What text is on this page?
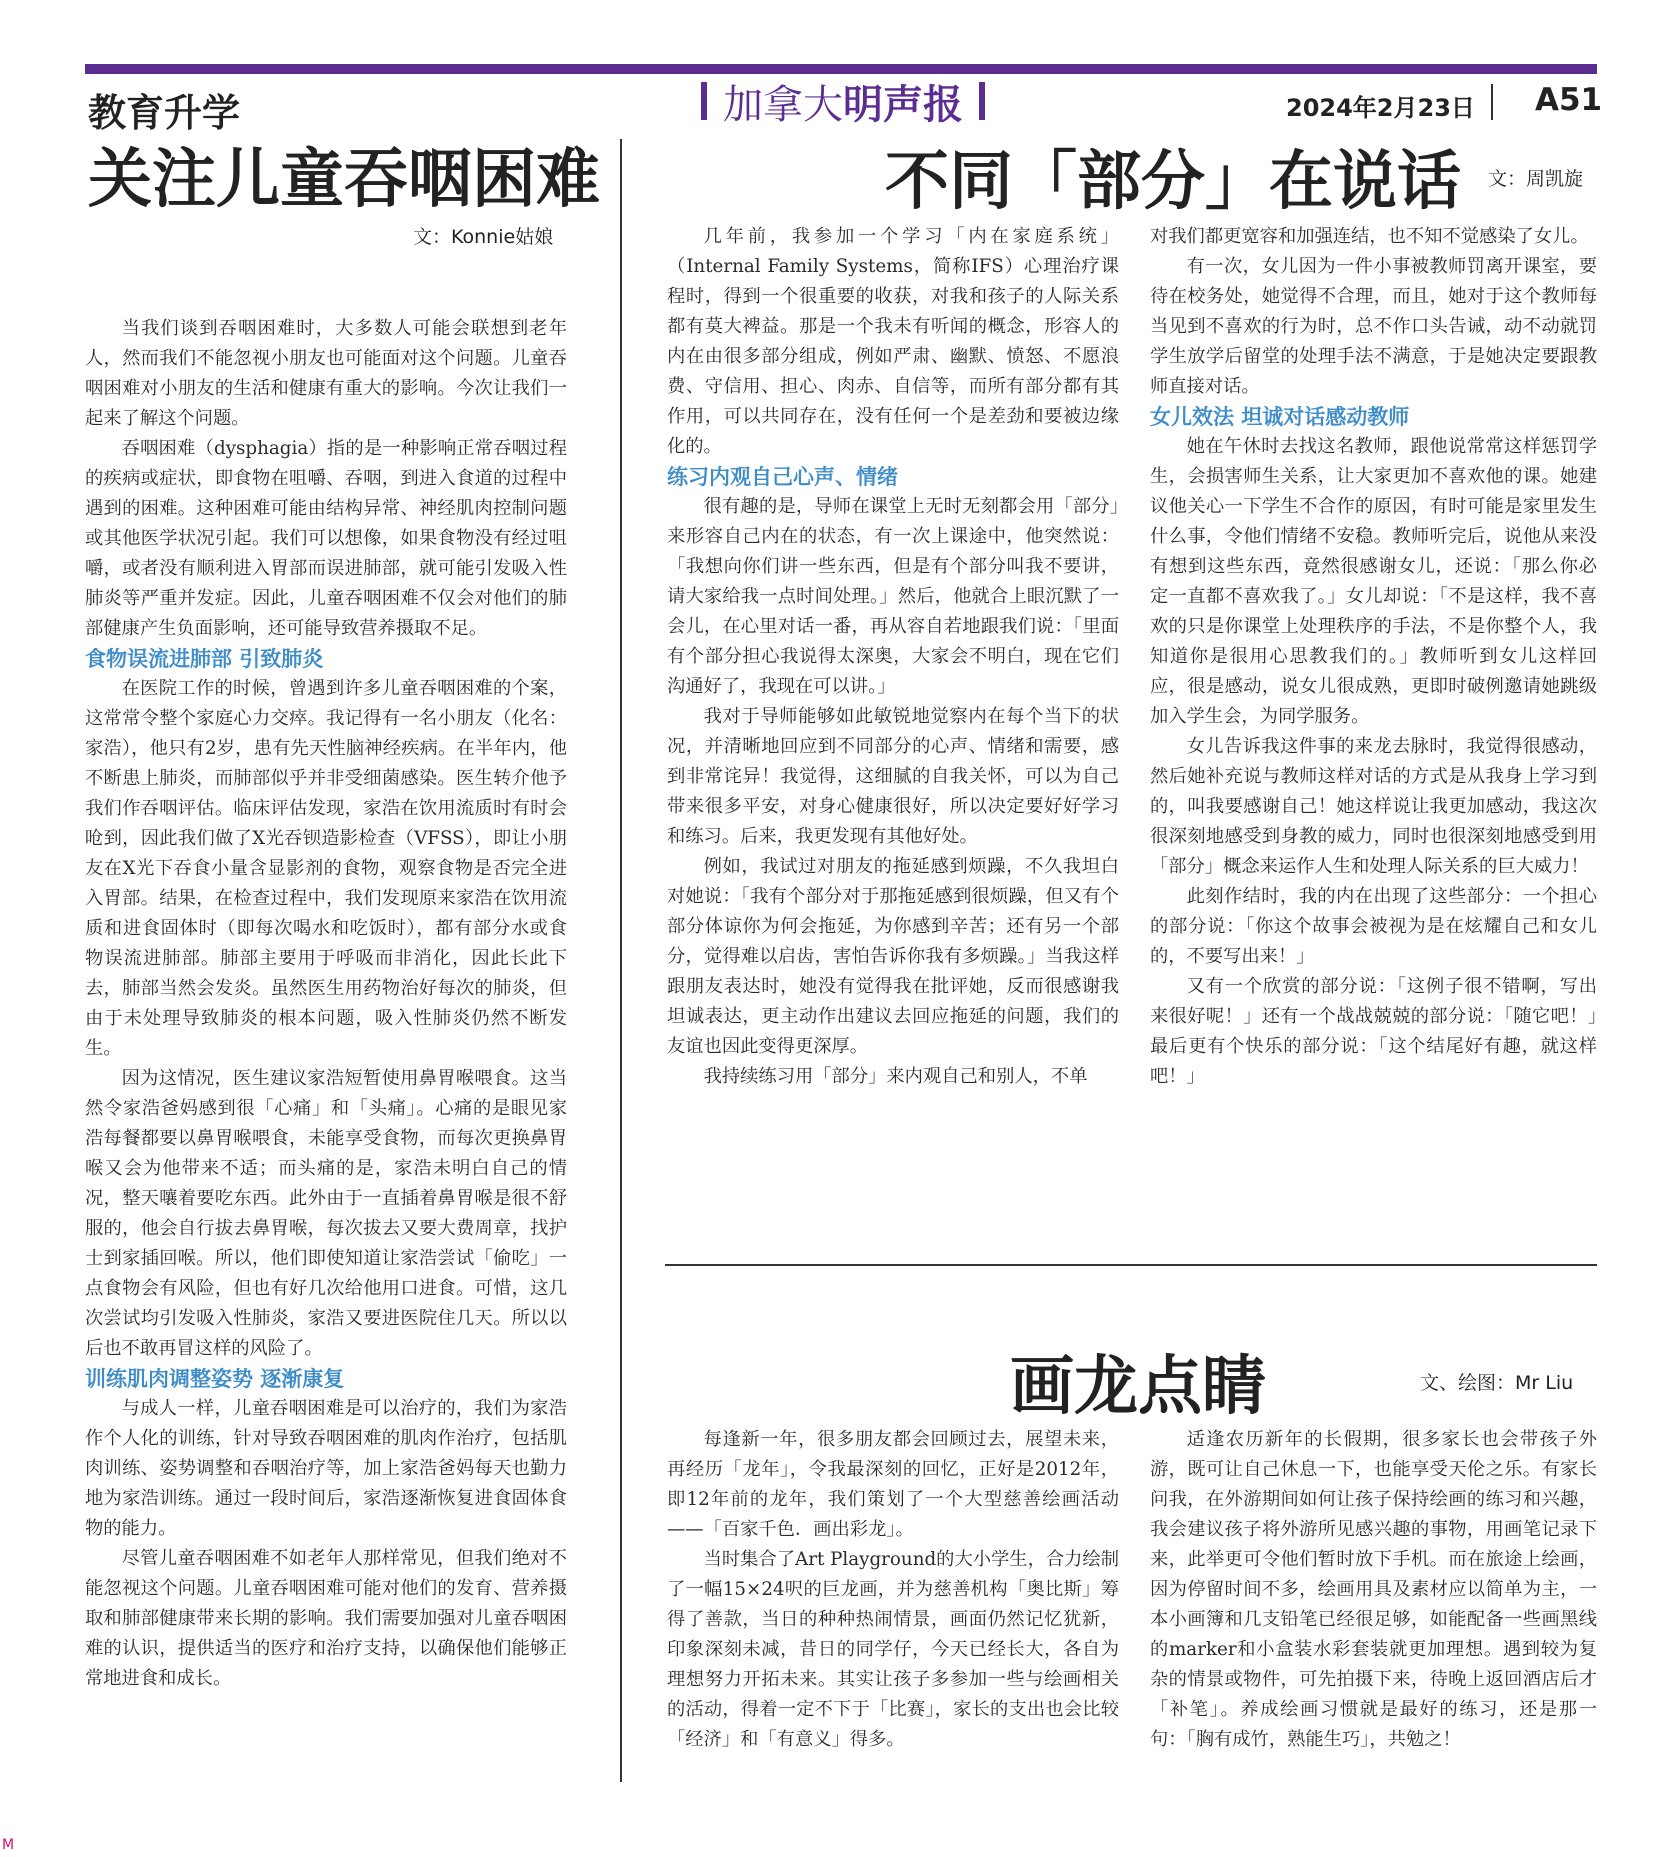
教育升学	加拿大明声报	2024年2月23日 A51
关注儿童吞咽困难
文：Konnie姑娘

当我们谈到吞咽困难时，大多数人可能会联想到老年人，然而我们不能忽视小朋友也可能面对这个问题。儿童吞咽困难对小朋友的生活和健康有重大的影响。今次让我们一起来了解这个问题。

吞咽困难（dysphagia）指的是一种影响正常吞咽过程的疾病或症状，即食物在咀嚼、吞咽，到进入食道的过程中遇到的困难。这种困难可能由结构异常、神经肌肉控制问题或其他医学状况引起。我们可以想像，如果食物没有经过咀嚼，或者没有顺利进入胃部而误进肺部，就可能引发吸入性肺炎等严重并发症。因此，儿童吞咽困难不仅会对他们的肺部健康产生负面影响，还可能导致营养摄取不足。

食物误流进肺部 引致肺炎

在医院工作的时候，曾遇到许多儿童吞咽困难的个案，这常常令整个家庭心力交瘁。我记得有一名小朋友（化名：家浩），他只有2岁，患有先天性脑神经疾病。在半年内，他不断患上肺炎，而肺部似乎并非受细菌感染。医生转介他予我们作吞咽评估。临床评估发现，家浩在饮用流质时有时会呛到，因此我们做了X光吞钡造影检查（VFSS），即让小朋友在X光下吞食小量含显影剂的食物，观察食物是否完全进入胃部。结果，在检查过程中，我们发现原来家浩在饮用流质和进食固体时（即每次喝水和吃饭时），都有部分水或食物误流进肺部。肺部主要用于呼吸而非消化，因此长此下去，肺部当然会发炎。虽然医生用药物治好每次的肺炎，但由于未处理导致肺炎的根本问题，吸入性肺炎仍然不断发生。

因为这情况，医生建议家浩短暂使用鼻胃喉喂食。这当然令家浩爸妈感到很「心痛」和「头痛」。心痛的是眼见家浩每餐都要以鼻胃喉喂食，未能享受食物，而每次更换鼻胃喉又会为他带来不适；而头痛的是，家浩未明白自己的情况，整天嚷着要吃东西。此外由于一直插着鼻胃喉是很不舒服的，他会自行拔去鼻胃喉，每次拔去又要大费周章，找护士到家插回喉。所以，他们即使知道让家浩尝试「偷吃」一点食物会有风险，但也有好几次给他用口进食。可惜，这几次尝试均引发吸入性肺炎，家浩又要进医院住几天。所以以后也不敢再冒这样的风险了。

训练肌肉调整姿势 逐渐康复

与成人一样，儿童吞咽困难是可以治疗的，我们为家浩作个人化的训练，针对导致吞咽困难的肌肉作治疗，包括肌肉训练、姿势调整和吞咽治疗等，加上家浩爸妈每天也勤力地为家浩训练。通过一段时间后，家浩逐渐恢复进食固体食物的能力。

尽管儿童吞咽困难不如老年人那样常见，但我们绝对不能忽视这个问题。儿童吞咽困难可能对他们的发育、营养摄取和肺部健康带来长期的影响。我们需要加强对儿童吞咽困难的认识，提供适当的医疗和治疗支持，以确保他们能够正常地进食和成长。

不同「部分」在说话 文：周凯旋

几年前，我参加一个学习「内在家庭系统」（Internal Family Systems，简称IFS）心理治疗课程时，得到一个很重要的收获，对我和孩子的人际关系都有莫大裨益。那是一个我未有听闻的概念，形容人的内在由很多部分组成，例如严肃、幽默、愤怒、不愿浪费、守信用、担心、肉赤、自信等，而所有部分都有其作用，可以共同存在，没有任何一个是差劲和要被边缘化的。

练习内观自己心声、情绪

很有趣的是，导师在课堂上无时无刻都会用「部分」来形容自己内在的状态，有一次上课途中，他突然说：「我想向你们讲一些东西，但是有个部分叫我不要讲，请大家给我一点时间处理。」然后，他就合上眼沉默了一会儿，在心里对话一番，再从容自若地跟我们说：「里面有个部分担心我说得太深奥，大家会不明白，现在它们沟通好了，我现在可以讲。」

我对于导师能够如此敏锐地觉察内在每个当下的状况，并清晰地回应到不同部分的心声、情绪和需要，感到非常诧异！我觉得，这细腻的自我关怀，可以为自己带来很多平安，对身心健康很好，所以决定要好好学习和练习。后来，我更发现有其他好处。

例如，我试过对朋友的拖延感到烦躁，不久我坦白对她说：「我有个部分对于那拖延感到很烦躁，但又有个部分体谅你为何会拖延，为你感到辛苦；还有另一个部分，觉得难以启齿，害怕告诉你我有多烦躁。」当我这样跟朋友表达时，她没有觉得我在批评她，反而很感谢我坦诚表达，更主动作出建议去回应拖延的问题，我们的友谊也因此变得更深厚。

我持续练习用「部分」来内观自己和别人，不单

对我们都更宽容和加强连结，也不知不觉感染了女儿。

有一次，女儿因为一件小事被教师罚离开课室，要待在校务处，她觉得不合理，而且，她对于这个教师每当见到不喜欢的行为时，总不作口头告诫，动不动就罚学生放学后留堂的处理手法不满意，于是她决定要跟教师直接对话。

女儿效法 坦诚对话感动教师

她在午休时去找这名教师，跟他说常常这样惩罚学生，会损害师生关系，让大家更加不喜欢他的课。她建议他关心一下学生不合作的原因，有时可能是家里发生什么事，令他们情绪不安稳。教师听完后，说他从来没有想到这些东西，竟然很感谢女儿，还说：「那么你必定一直都不喜欢我了。」女儿却说：「不是这样，我不喜欢的只是你课堂上处理秩序的手法，不是你整个人，我知道你是很用心思教我们的。」教师听到女儿这样回应，很是感动，说女儿很成熟，更即时破例邀请她跳级加入学生会，为同学服务。

女儿告诉我这件事的来龙去脉时，我觉得很感动，然后她补充说与教师这样对话的方式是从我身上学习到的，叫我要感谢自己！她这样说让我更加感动，我这次很深刻地感受到身教的威力，同时也很深刻地感受到用「部分」概念来运作人生和处理人际关系的巨大威力！

此刻作结时，我的内在出现了这些部分：一个担心的部分说：「你这个故事会被视为是在炫耀自己和女儿的，不要写出来！」

又有一个欣赏的部分说：「这例子很不错啊，写出来很好呢！」还有一个战战兢兢的部分说：「随它吧！」最后更有个快乐的部分说：「这个结尾好有趣，就这样吧！」

画龙点睛	文、绘图：Mr Liu

每逢新一年，很多朋友都会回顾过去，展望未来，再经历「龙年」，令我最深刻的回忆，正好是2012年，即12年前的龙年，我们策划了一个大型慈善绘画活动——「百家千色．画出彩龙」。

当时集合了Art Playground的大小学生，合力绘制了一幅15×24呎的巨龙画，并为慈善机构「奥比斯」筹得了善款，当日的种种热闹情景，画面仍然记忆犹新，印象深刻未减，昔日的同学仔，今天已经长大，各自为理想努力开拓未来。其实让孩子多参加一些与绘画相关的活动，得着一定不下于「比赛」，家长的支出也会比较「经济」和「有意义」得多。

适逢农历新年的长假期，很多家长也会带孩子外游，既可让自己休息一下，也能享受天伦之乐。有家长问我，在外游期间如何让孩子保持绘画的练习和兴趣，我会建议孩子将外游所见感兴趣的事物，用画笔记录下来，此举更可令他们暂时放下手机。而在旅途上绘画，因为停留时间不多，绘画用具及素材应以简单为主，一本小画簿和几支铅笔已经很足够，如能配备一些画黑线的marker和小盒装水彩套装就更加理想。遇到较为复杂的情景或物件，可先拍摄下来，待晚上返回酒店后才「补笔」。养成绘画习惯就是最好的练习，还是那一句：「胸有成竹，熟能生巧」，共勉之！

M
